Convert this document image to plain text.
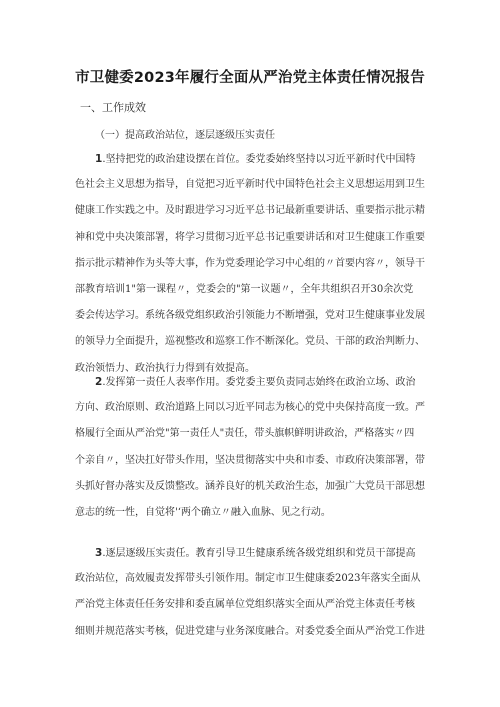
市卫健委2023年履行全面从严治党主体责任情况报告
一、工作成效
（一）提高政治站位，逐层逐级压实责任
1.坚持把党的政治建设摆在首位。委党委始终坚持以习近平新时代中国特
色社会主义思想为指导，自觉把习近平新时代中国特色社会主义思想运用到卫生
健康工作实践之中。及时跟进学习习近平总书记最新重要讲话、重要指示批示精
神和党中央决策部署，将学习贯彻习近平总书记重要讲话和对卫生健康工作重要
指示批示精神作为头等大事，作为党委理论学习中心组的〃首要内容〃，领导干
部教育培训1"第一课程〃，党委会的"第一议题〃，全年共组织召开30余次党
委会传达学习。系统各级党组织政治引领能力不断增强，党对卫生健康事业发展
的领导力全面提升，巡视整改和巡察工作不断深化。党员、干部的政治判断力、
政治领悟力、政治执行力得到有效提高。
2.发挥第一责任人表率作用。委党委主要负责同志始终在政治立场、政治
方向、政治原则、政治道路上同以习近平同志为核心的党中央保持高度一致。严
格履行全面从严治党"第一责任人"责任，带头旗帜鲜明讲政治，严格落实〃四
个亲自〃，坚决扛好带头作用，坚决贯彻落实中央和市委、市政府决策部署，带
头抓好督办落实及反馈整改。涵养良好的机关政治生态，加强广大党员干部思想
意志的统一性，自觉将'‘两个确立〃融入血脉、见之行动。
3.逐层逐级压实责任。教育引导卫生健康系统各级党组织和党员干部提高
政治站位，高效履责发挥带头引领作用。制定市卫生健康委2023年落实全面从
严治党主体责任任务安排和委直属单位党组织落实全面从严治党主体责任考核
细则并规范落实考核，促进党建与业务深度融合。对委党委全面从严治党工作进
